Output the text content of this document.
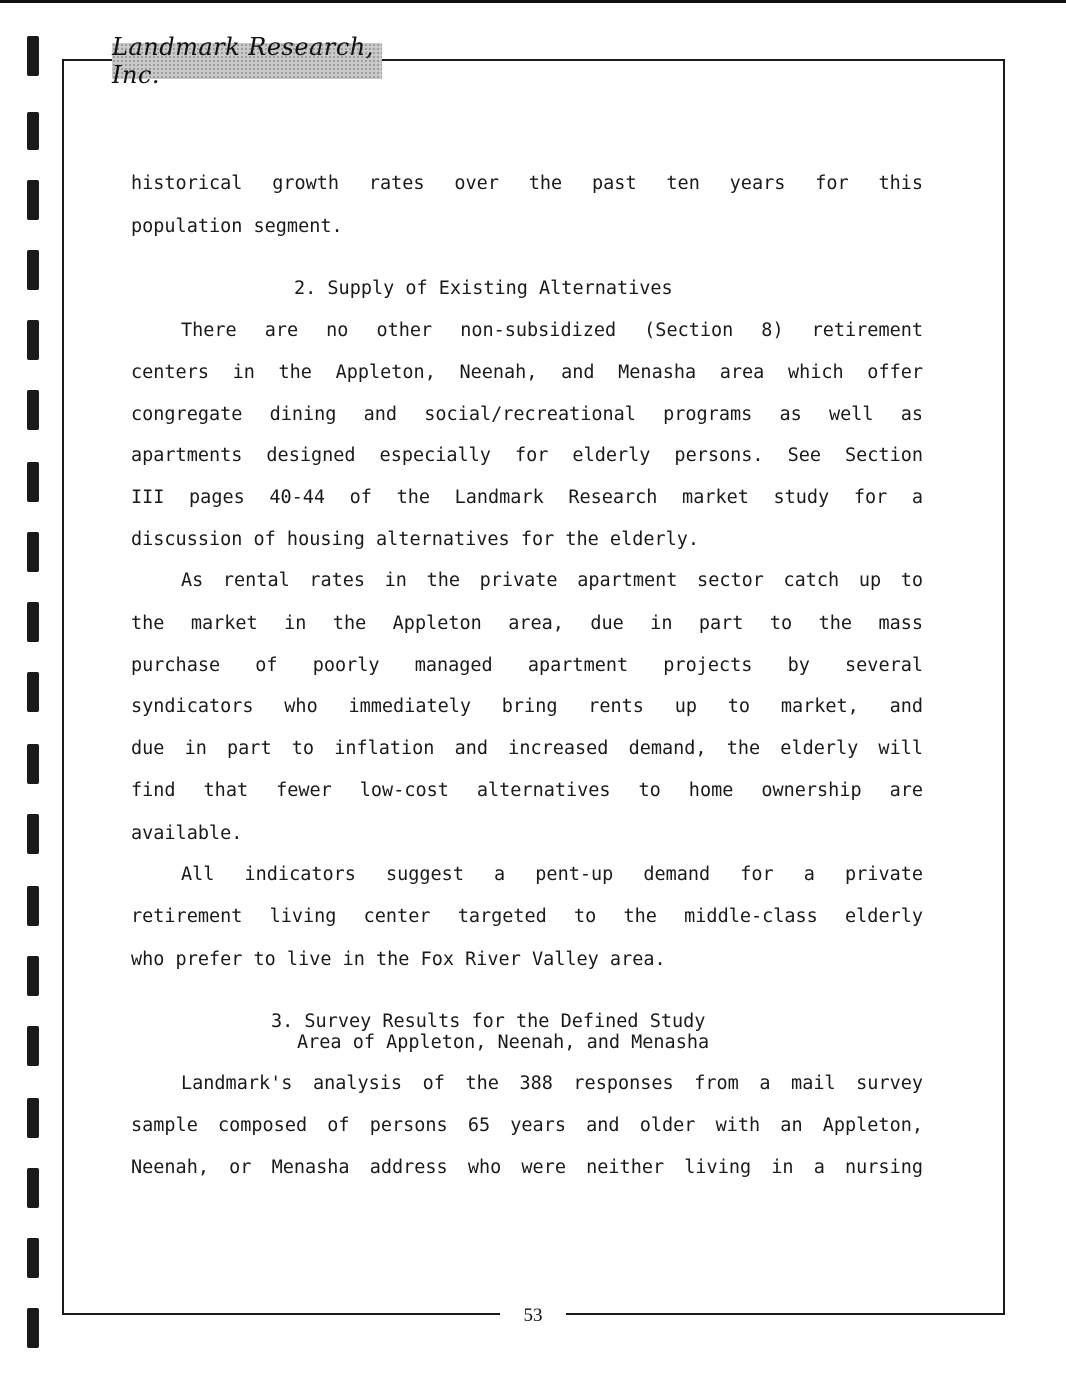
Landmark Research, Inc.

historical growth rates over the past ten years for this

population segment.

2. Supply of Existing Alternatives

There are no other non-subsidized (Section 8) retirement

centers in the Appleton, Neenah, and Menasha area which offer

congregate dining and social/recreational programs as well as

apartments designed especially for elderly persons. See Section

III pages 40-44 of the Landmark Research market study for a

discussion of housing alternatives for the elderly.

As rental rates in the private apartment sector catch up to

the market in the Appleton area, due in part to the mass

purchase of poorly managed apartment projects by several

syndicators who immediately bring rents up to market, and

due in part to inflation and increased demand, the elderly will

find that fewer low-cost alternatives to home ownership are

available.

All indicators suggest a pent-up demand for a private

retirement living center targeted to the middle-class elderly

who prefer to live in the Fox River Valley area.

3. Survey Results for the Defined Study

Area of Appleton, Neenah, and Menasha

Landmark's analysis of the 388 responses from a mail survey

sample composed of persons 65 years and older with an Appleton,

Neenah, or Menasha address who were neither living in a nursing

53
